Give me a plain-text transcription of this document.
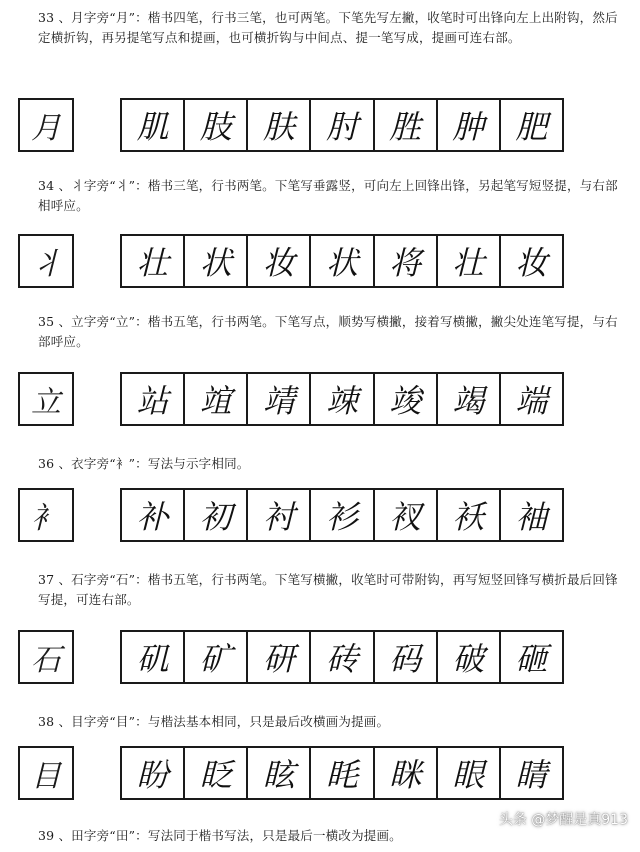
33 、月字旁“月”：楷书四笔，行书三笔，也可两笔。下笔先写左撇，收笔时可出锋向左上出附钩，然后定横折钩，再另提笔写点和提画，也可横折钩与中间点、提一笔写成，提画可连右部。
月	肌 肢 肤 肘 胜 肿 肥
34 、丬字旁“丬”：楷书三笔，行书两笔。下笔写垂露竖，可向左上回锋出锋，另起笔写短竖提，与右部相呼应。
丬	壮 状 妆 状 将 壮 妆
35 、立字旁“立”：楷书五笔，行书两笔。下笔写点，顺势写横撇，接着写横撇，撇尖处连笔写提，与右部呼应。
立	站 竩 靖 竦 竣 竭 端
36 、衣字旁“衤”：写法与示字相同。
衤	补 初 衬 衫 衩 袄 袖
37 、石字旁“石”：楷书五笔，行书两笔。下笔写横撇，收笔时可带附钩，再写短竖回锋写横折最后回锋写提，可连右部。
石	矶 矿 研 砖 码 破 砸
38 、目字旁“目”：与楷法基本相同，只是最后改横画为提画。
目	盼 眨 眩 眊 眯 眼 睛
39 、田字旁“田”：写法同于楷书写法，只是最后一横改为提画。
头条 @梦醒是真913
